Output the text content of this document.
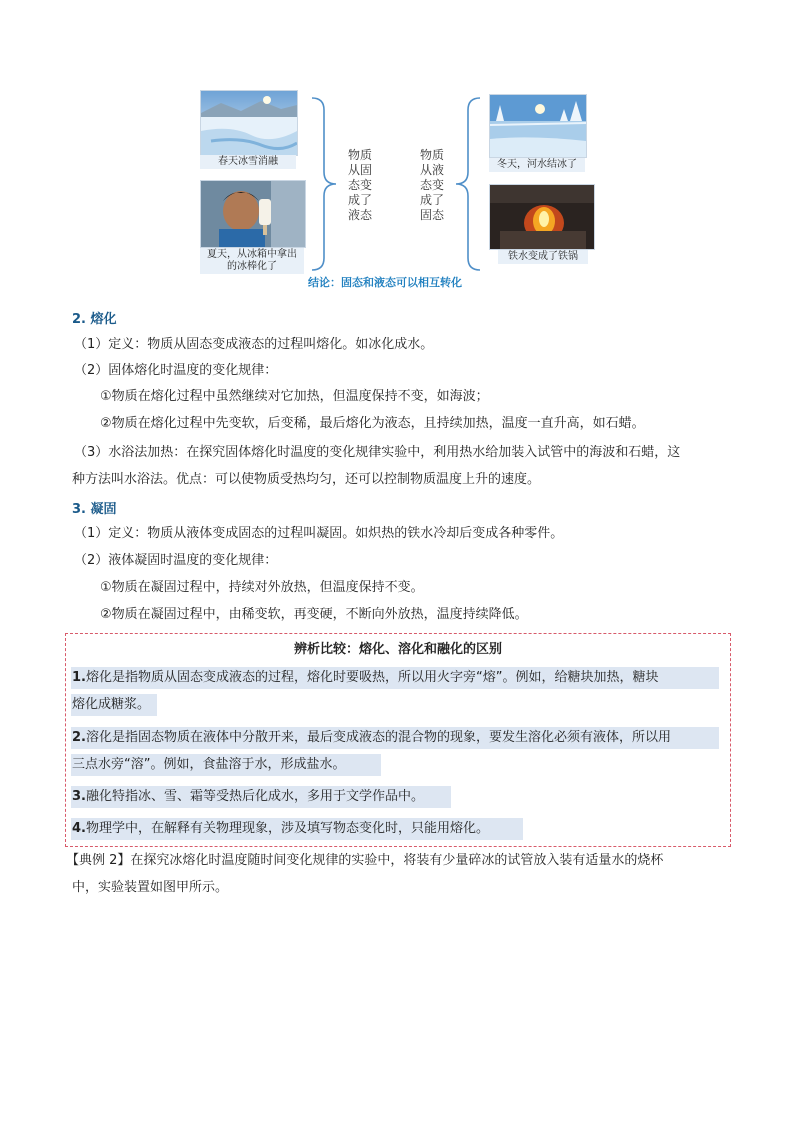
春天冰雪消融
夏天，从冰箱中拿出
的冰棒化了
物质
从固
态变
成了
液态
物质
从液
态变
成了
固态
冬天，河水结冰了
铁水变成了铁锅
结论：固态和液态可以相互转化
2. 熔化
（1）定义：物质从固态变成液态的过程叫熔化。如冰化成水。
（2）固体熔化时温度的变化规律：
①物质在熔化过程中虽然继续对它加热，但温度保持不变，如海波；
②物质在熔化过程中先变软，后变稀，最后熔化为液态，且持续加热，温度一直升高，如石蜡。
（3）水浴法加热：在探究固体熔化时温度的变化规律实验中，利用热水给加装入试管中的海波和石蜡，这
种方法叫水浴法。优点：可以使物质受热均匀，还可以控制物质温度上升的速度。
3. 凝固
（1）定义：物质从液体变成固态的过程叫凝固。如炽热的铁水冷却后变成各种零件。
（2）液体凝固时温度的变化规律：
①物质在凝固过程中，持续对外放热，但温度保持不变。
②物质在凝固过程中，由稀变软，再变硬，不断向外放热，温度持续降低。
辨析比较：熔化、溶化和融化的区别
1.熔化是指物质从固态变成液态的过程，熔化时要吸热，所以用火字旁“熔”。例如，给糖块加热，糖块
熔化成糖浆。
2.溶化是指固态物质在液体中分散开来，最后变成液态的混合物的现象，要发生溶化必须有液体，所以用
三点水旁“溶”。例如，食盐溶于水，形成盐水。
3.融化特指冰、雪、霜等受热后化成水，多用于文学作品中。
4.物理学中，在解释有关物理现象，涉及填写物态变化时，只能用熔化。
【典例 2】在探究冰熔化时温度随时间变化规律的实验中，将装有少量碎冰的试管放入装有适量水的烧杯
中，实验装置如图甲所示。
